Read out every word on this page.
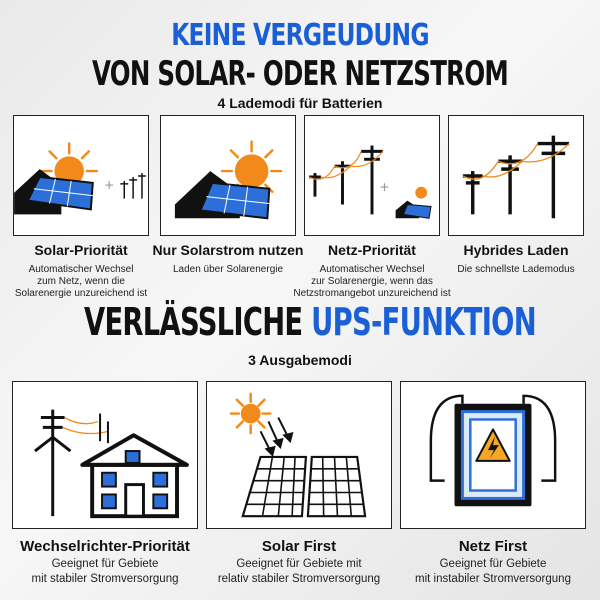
KEINE VERGEUDUNG
VON SOLAR- ODER NETZSTROM
4 Lademodi für Batterien
+	+
Solar-Priorität
Automatischer Wechsel
zum Netz, wenn die
Solarenergie unzureichend ist
Nur Solarstrom nutzen
Laden über Solarenergie
Netz-Priorität
Automatischer Wechsel
zur Solarenergie, wenn das
Netzstromangebot unzureichend ist
Hybrides Laden
Die schnellste Lademodus
VERLÄSSLICHE UPS-FUNKTION
3 Ausgabemodi
Wechselrichter-Priorität
Geeignet für Gebiete
mit stabiler Stromversorgung
Solar First
Geeignet für Gebiete mit
relativ stabiler Stromversorgung
Netz First
Geeignet für Gebiete
mit instabiler Stromversorgung
